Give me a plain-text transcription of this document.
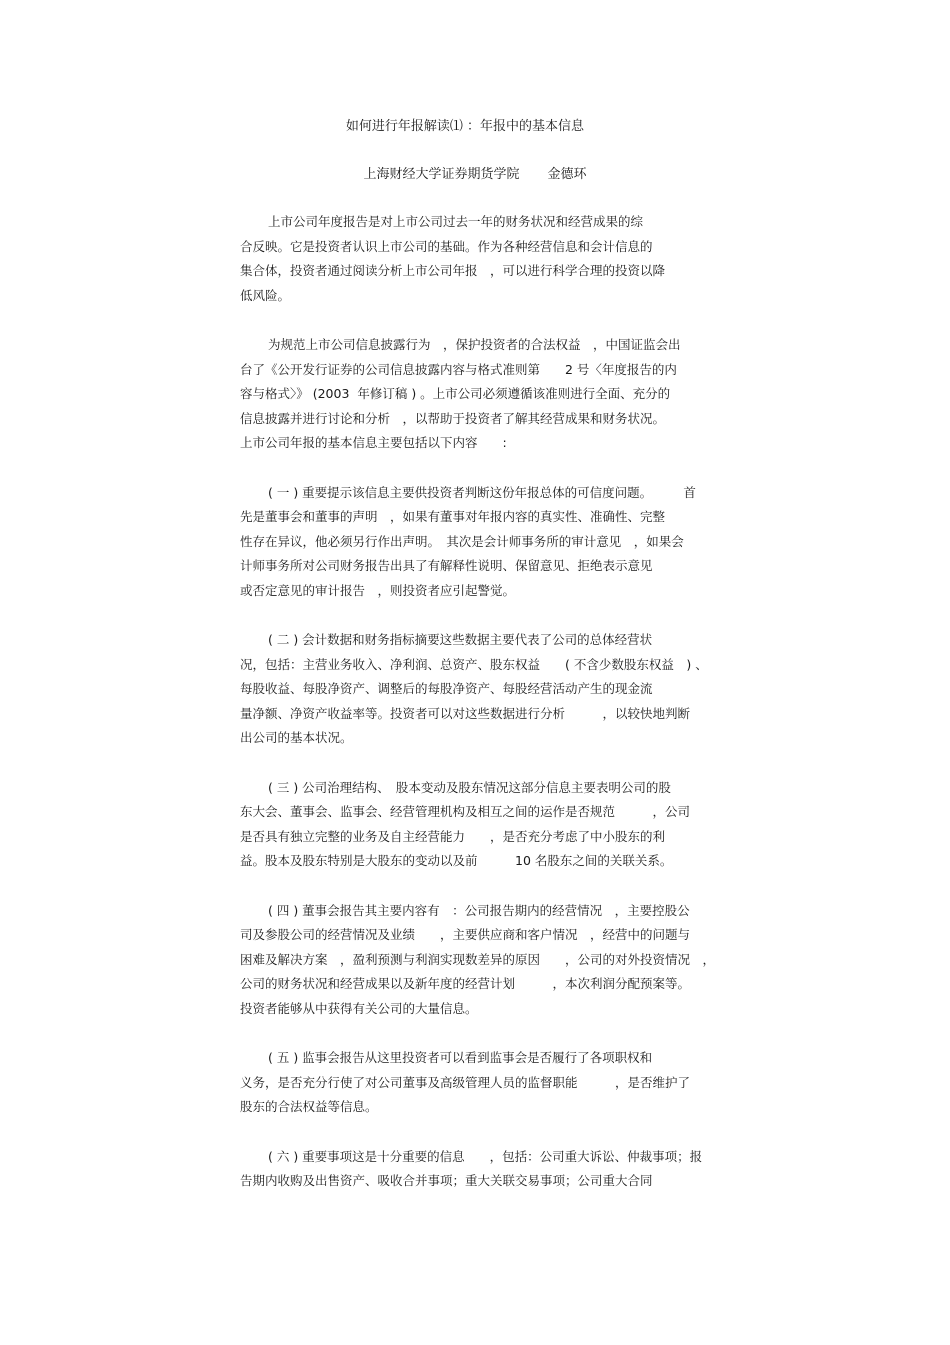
如何进行年报解读⑴ ：年报中的基本信息
上海财经大学证券期货学院 金德环
上市公司年度报告是对上市公司过去一年的财务状况和经营成果的综
合反映。它是投资者认识上市公司的基础。作为各种经营信息和会计信息的
集合体，投资者通过阅读分析上市公司年报　，可以进行科学合理的投资以降
低风险。
为规范上市公司信息披露行为　，保护投资者的合法权益　，中国证监会出
台了《公开发行证券的公司信息披露内容与格式准则第　　2 号〈年度报告的内
容与格式〉》 (2003  年修订稿 ) 。上市公司必须遵循该准则进行全面、充分的
信息披露并进行讨论和分析　，以帮助于投资者了解其经营成果和财务状况。
上市公司年报的基本信息主要包括以下内容　　:
( 一 ) 重要提示该信息主要供投资者判断这份年报总体的可信度问题。　　　首
先是董事会和董事的声明　，如果有董事对年报内容的真实性、准确性、完整
性存在异议，他必须另行作出声明。　其次是会计师事务所的审计意见　，如果会
计师事务所对公司财务报告出具了有解释性说明、保留意见、拒绝表示意见
或否定意见的审计报告　，则投资者应引起警觉。
( 二 ) 会计数据和财务指标摘要这些数据主要代表了公司的总体经营状
况，包括：主营业务收入、净利润、总资产、股东权益　　( 不含少数股东权益　) 、
每股收益、每股净资产、调整后的每股净资产、每股经营活动产生的现金流
量净额、净资产收益率等。投资者可以对这些数据进行分析　　　，以较快地判断
出公司的基本状况。
( 三 ) 公司治理结构、　股本变动及股东情况这部分信息主要表明公司的股
东大会、董事会、监事会、经营管理机构及相互之间的运作是否规范　　　，公司
是否具有独立完整的业务及自主经营能力　　，是否充分考虑了中小股东的利
益。股本及股东特别是大股东的变动以及前　　　10 名股东之间的关联关系。
( 四 ) 董事会报告其主要内容有　：公司报告期内的经营情况　，主要控股公
司及参股公司的经营情况及业绩　　，主要供应商和客户情况　，经营中的问题与
困难及解决方案　，盈利预测与利润实现数差异的原因　　，公司的对外投资情况　，
公司的财务状况和经营成果以及新年度的经营计划　　　，本次利润分配预案等。
投资者能够从中获得有关公司的大量信息。
( 五 ) 监事会报告从这里投资者可以看到监事会是否履行了各项职权和
义务，是否充分行使了对公司董事及高级管理人员的监督职能　　　，是否维护了
股东的合法权益等信息。
( 六 ) 重要事项这是十分重要的信息　　，包括：公司重大诉讼、仲裁事项；报
告期内收购及出售资产、吸收合并事项；重大关联交易事项；公司重大合同
